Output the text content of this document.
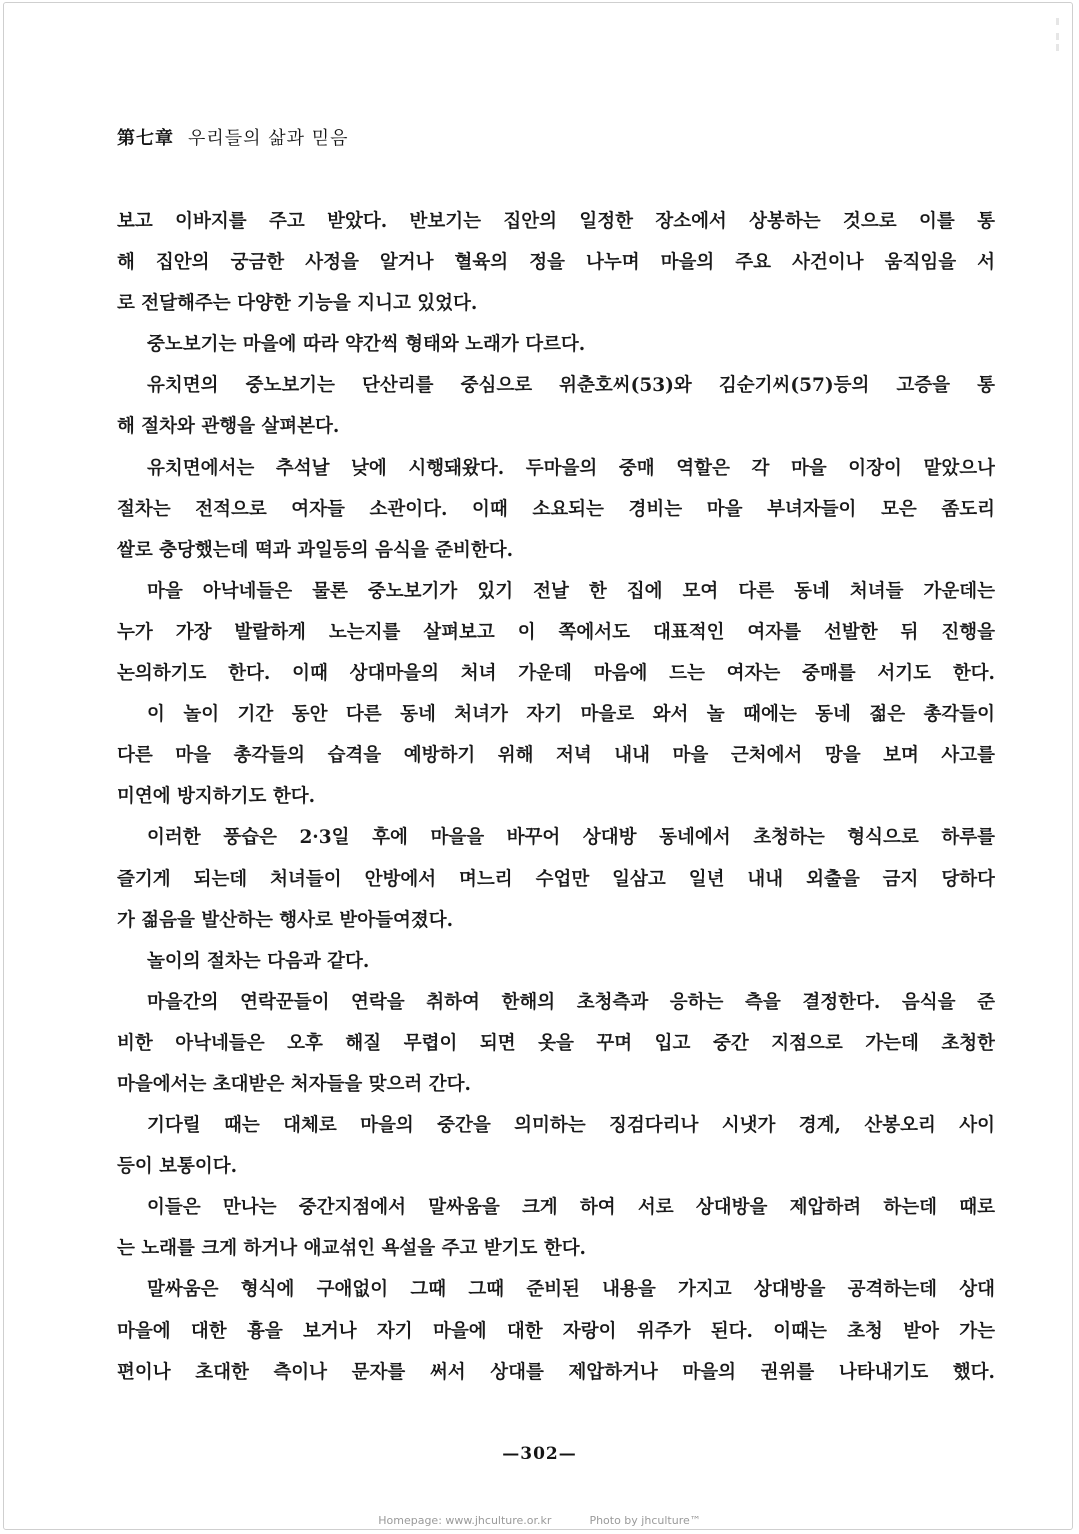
第七章 우리들의 삶과 믿음
보고 이바지를 주고 받았다. 반보기는 집안의 일정한 장소에서 상봉하는 것으로 이를 통
해 집안의 궁금한 사정을 알거나 혈육의 정을 나누며 마을의 주요 사건이나 움직임을 서
로 전달해주는 다양한 기능을 지니고 있었다.
중노보기는 마을에 따라 약간씩 형태와 노래가 다르다.
유치면의 중노보기는 단산리를 중심으로 위춘호씨(53)와 김순기씨(57)등의 고증을 통
해 절차와 관행을 살펴본다.
유치면에서는 추석날 낮에 시행돼왔다. 두마을의 중매 역할은 각 마을 이장이 맡았으나
절차는 전적으로 여자들 소관이다. 이때 소요되는 경비는 마을 부녀자들이 모은 좀도리
쌀로 충당했는데 떡과 과일등의 음식을 준비한다.
마을 아낙네들은 물론 중노보기가 있기 전날 한 집에 모여 다른 동네 처녀들 가운데는
누가 가장 발랄하게 노는지를 살펴보고 이 쪽에서도 대표적인 여자를 선발한 뒤 진행을
논의하기도 한다. 이때 상대마을의 처녀 가운데 마음에 드는 여자는 중매를 서기도 한다.
이 놀이 기간 동안 다른 동네 처녀가 자기 마을로 와서 놀 때에는 동네 젊은 총각들이
다른 마을 총각들의 습격을 예방하기 위해 저녁 내내 마을 근처에서 망을 보며 사고를
미연에 방지하기도 한다.
이러한 풍습은 2·3일 후에 마을을 바꾸어 상대방 동네에서 초청하는 형식으로 하루를
즐기게 되는데 처녀들이 안방에서 며느리 수업만 일삼고 일년 내내 외출을 금지 당하다
가 젊음을 발산하는 행사로 받아들여졌다.
놀이의 절차는 다음과 같다.
마을간의 연락꾼들이 연락을 취하여 한해의 초청측과 응하는 측을 결정한다. 음식을 준
비한 아낙네들은 오후 해질 무렵이 되면 옷을 꾸며 입고 중간 지점으로 가는데 초청한
마을에서는 초대받은 처자들을 맞으러 간다.
기다릴 때는 대체로 마을의 중간을 의미하는 징검다리나 시냇가 경계, 산봉오리 사이
등이 보통이다.
이들은 만나는 중간지점에서 말싸움을 크게 하여 서로 상대방을 제압하려 하는데 때로
는 노래를 크게 하거나 애교섞인 욕설을 주고 받기도 한다.
말싸움은 형식에 구애없이 그때 그때 준비된 내용을 가지고 상대방을 공격하는데 상대
마을에 대한 흉을 보거나 자기 마을에 대한 자랑이 위주가 된다. 이때는 초청 받아 가는
편이나 초대한 측이나 문자를 써서 상대를 제압하거나 마을의 권위를 나타내기도 했다.
—302—
Homepage: www.jhculture.or.kr	Photo by jhculture™
